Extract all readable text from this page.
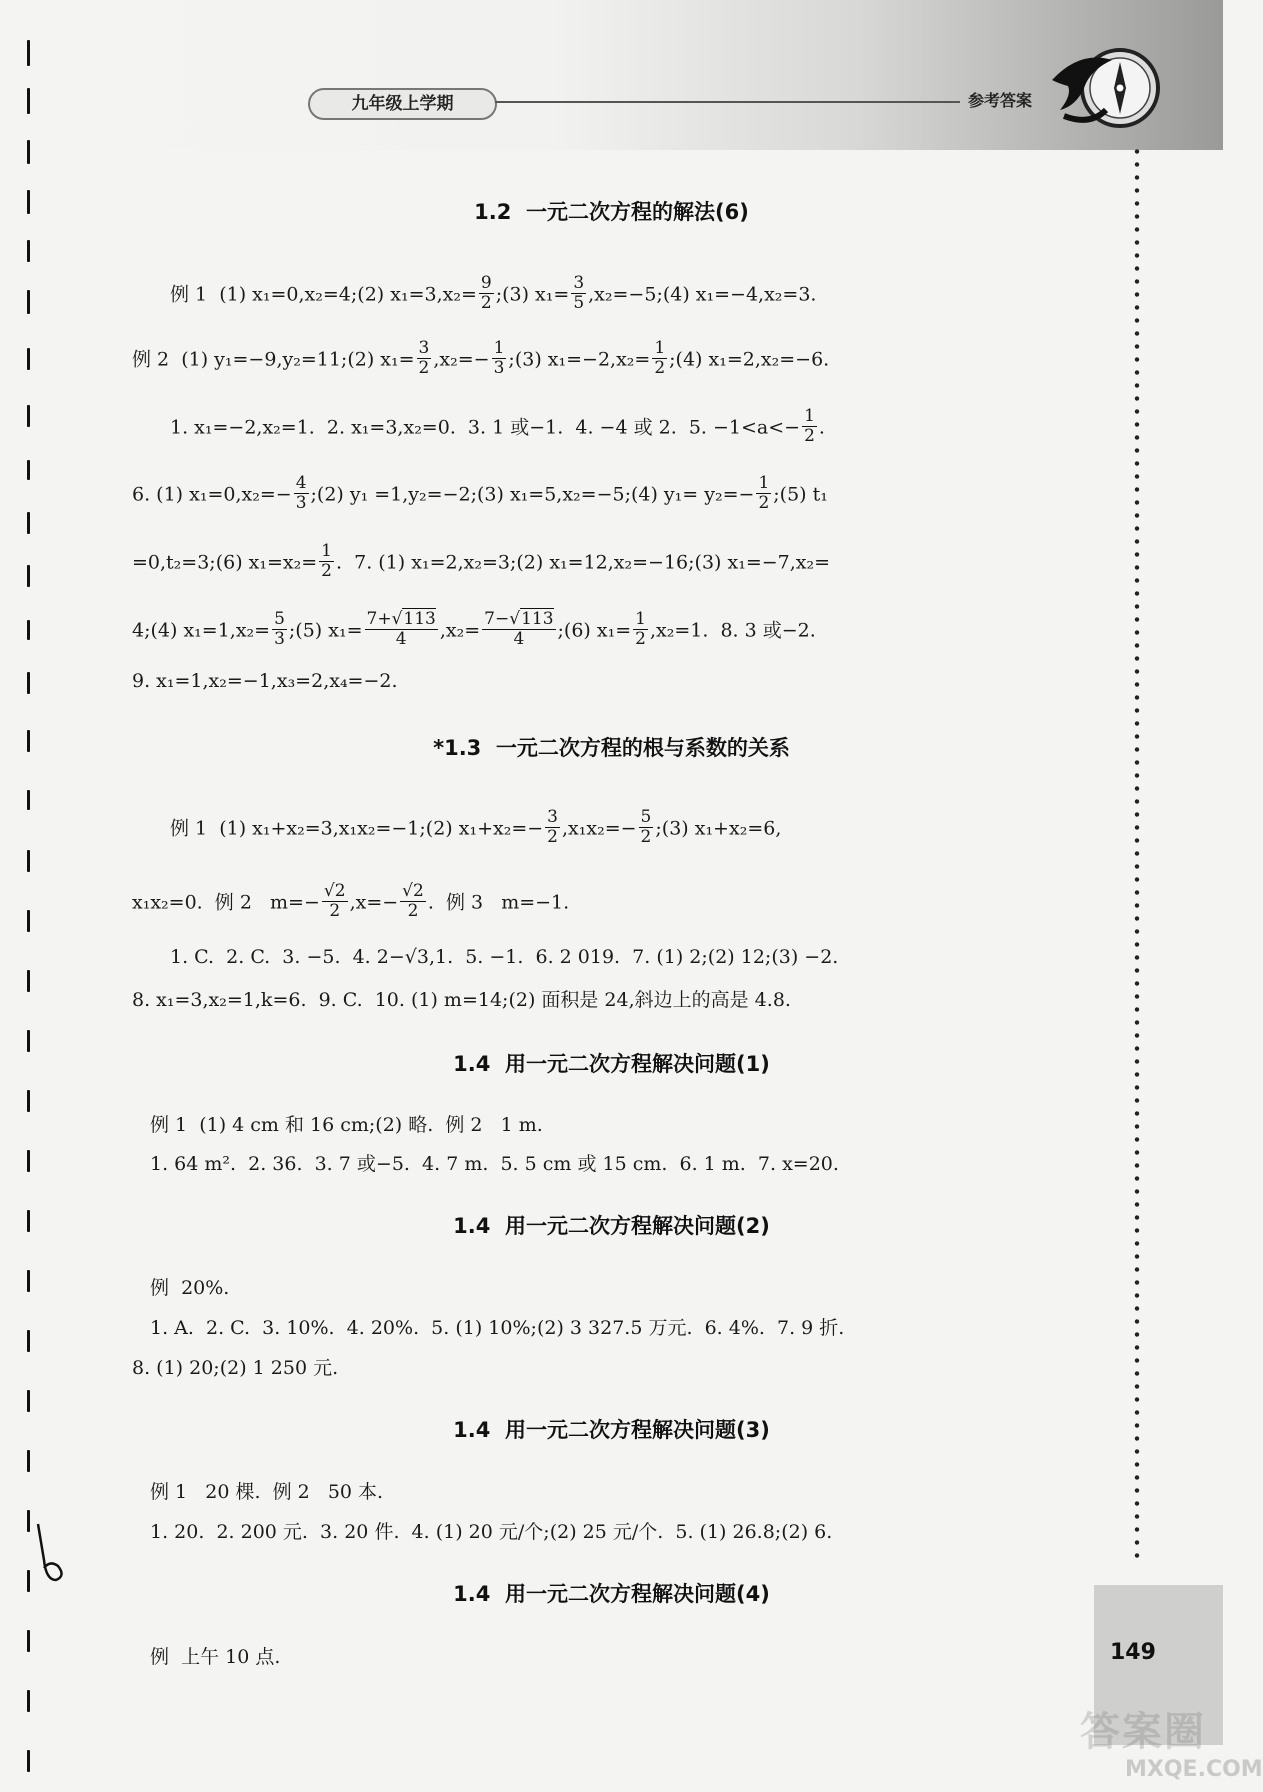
九年级上学期	参考答案
149
答案圈
MXQE.COM
1.2  一元二次方程的解法(6)
例 1  (1) x₁=0,x₂=4;(2) $x_1=3,x_2= \frac{9}{2}$ ;(3) $x_1= \frac{3}{5}$ ,x₂=−5;(4) x₁=−4,x₂=3.
例 2  (1) y₁=−9,y₂=11;(2) $x_1= \frac{3}{2} ,x_2=- \frac{1}{3}$ ;(3) $x_1=-2,x_2= \frac{1}{2}$ ;(4) x₁=2,x₂=−6.
1. x₁=−2,x₂=1.  2. x₁=3,x₂=0.  3. 1 或−1.  4. −4 或 2.  5. $-1<a<- \frac{1}{2}$ .
6. (1) $x_1=0,x_2=- \frac{4}{3}$ ;(2) y₁ =1,y₂=−2;(3) x₁=5,x₂=−5;(4) $y_1= y_2=- \frac{1}{2}$ ;(5) t₁
=0,t₂=3;(6) $x_1=x_2= \frac{1}{2}$ .  7. (1) x₁=2,x₂=3;(2) x₁=12,x₂=−16;(3) x₁=−7,x₂=
4;(4) $x_1=1,x_2= \frac{5}{3}$ ;(5) $x_1= \frac{7+√113}{4} ,x_2= \frac{7-√113}{4}$ ;(6) $x_1= \frac{1}{2} ,x_2=1$.  8. 3 或−2.
9. x₁=1,x₂=−1,x₃=2,x₄=−2.
*1.3  一元二次方程的根与系数的关系
例 1  (1) x₁+x₂=3,x₁x₂=−1;(2) $x_1+x_2=- \frac{3}{2} ,x_1x_2=- \frac{5}{2}$ ;(3) x₁+x₂=6,
x₁x₂=0.  例 2   $m=- \frac{√2}{2} ,x=- \frac{√2}{2}$ .  例 3   m=−1.
1. C.  2. C.  3. −5.  4. 2−√3,1.  5. −1.  6. 2 019.  7. (1) 2;(2) 12;(3) −2.
8. x₁=3,x₂=1,k=6.  9. C.  10. (1) m=14;(2) 面积是 24,斜边上的高是 4.8.
1.4  用一元二次方程解决问题(1)
例 1  (1) 4 cm 和 16 cm;(2) 略.  例 2   1 m.
1. 64 m².  2. 36.  3. 7 或−5.  4. 7 m.  5. 5 cm 或 15 cm.  6. 1 m.  7. x=20.
1.4  用一元二次方程解决问题(2)
例  20%.
1. A.  2. C.  3. 10%.  4. 20%.  5. (1) 10%;(2) 3 327.5 万元.  6. 4%.  7. 9 折.
8. (1) 20;(2) 1 250 元.
1.4  用一元二次方程解决问题(3)
例 1   20 棵.  例 2   50 本.
1. 20.  2. 200 元.  3. 20 件.  4. (1) 20 元/个;(2) 25 元/个.  5. (1) 26.8;(2) 6.
1.4  用一元二次方程解决问题(4)
例  上午 10 点.
